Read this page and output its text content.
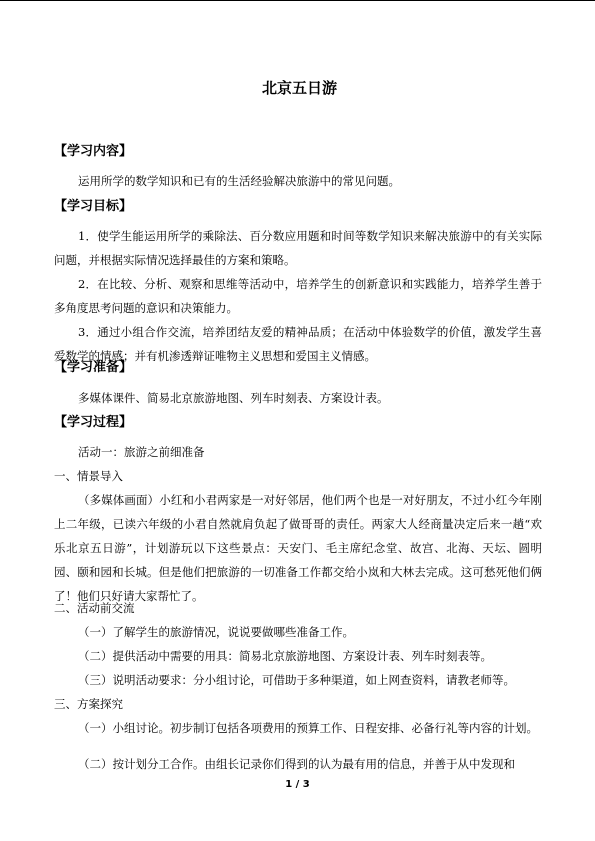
北京五日游
【学习内容】
运用所学的数学知识和已有的生活经验解决旅游中的常见问题。
【学习目标】
1．使学生能运用所学的乘除法、百分数应用题和时间等数学知识来解决旅游中的有关实际问题，并根据实际情况选择最佳的方案和策略。
2．在比较、分析、观察和思维等活动中，培养学生的创新意识和实践能力，培养学生善于多角度思考问题的意识和决策能力。
3．通过小组合作交流，培养团结友爱的精神品质；在活动中体验数学的价值，激发学生喜爱数学的情感；并有机渗透辩证唯物主义思想和爱国主义情感。
【学习准备】
多媒体课件、简易北京旅游地图、列车时刻表、方案设计表。
【学习过程】
活动一：旅游之前细准备
一、情景导入
（多媒体画面）小红和小君两家是一对好邻居，他们两个也是一对好朋友，不过小红今年刚上二年级，已读六年级的小君自然就肩负起了做哥哥的责任。两家大人经商量决定后来一趟“欢乐北京五日游”，计划游玩以下这些景点：天安门、毛主席纪念堂、故宫、北海、天坛、圆明园、颐和园和长城。但是他们把旅游的一切准备工作都交给小岚和大林去完成。这可愁死他们俩了！他们只好请大家帮忙了。
二、活动前交流
（一）了解学生的旅游情况，说说要做哪些准备工作。
（二）提供活动中需要的用具：简易北京旅游地图、方案设计表、列车时刻表等。
（三）说明活动要求：分小组讨论，可借助于多种渠道，如上网查资料，请教老师等。
三、方案探究
（一）小组讨论。初步制订包括各项费用的预算工作、日程安排、必备行礼等内容的计划。
（二）按计划分工合作。由组长记录你们得到的认为最有用的信息，并善于从中发现和
1 / 3
